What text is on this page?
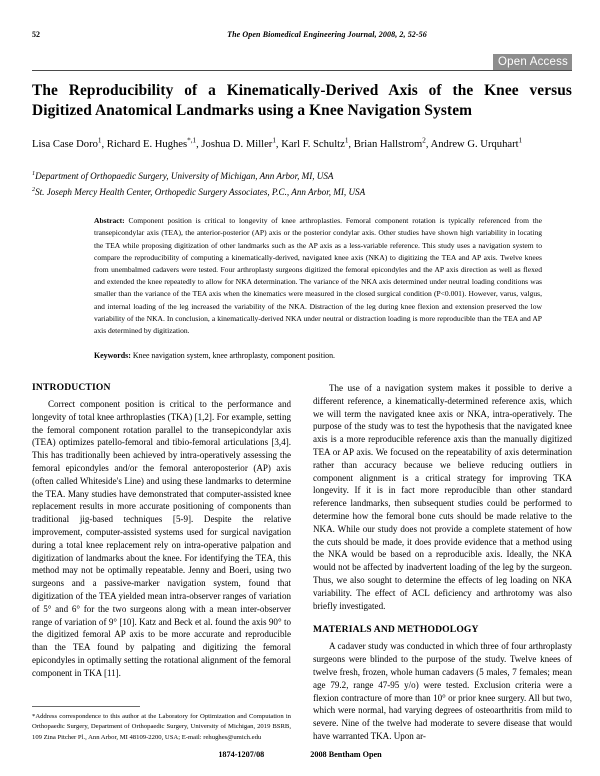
52	The Open Biomedical Engineering Journal, 2008, 2, 52-56
Open Access
The Reproducibility of a Kinematically-Derived Axis of the Knee versus Digitized Anatomical Landmarks using a Knee Navigation System
Lisa Case Doro$^1$, Richard E. Hughes$^{*,1}$, Joshua D. Miller$^1$, Karl F. Schultz$^1$, Brian Hallstrom$^2$, Andrew G. Urquhart$^1$
$^1$Department of Orthopaedic Surgery, University of Michigan, Ann Arbor, MI, USA
$^2$St. Joseph Mercy Health Center, Orthopedic Surgery Associates, P.C., Ann Arbor, MI, USA

Abstract: Component position is critical to longevity of knee arthroplasties. Femoral component rotation is typically referenced from the transepicondylar axis (TEA), the anterior-posterior (AP) axis or the posterior condylar axis. Other studies have shown high variability in locating the TEA while proposing digitization of other landmarks such as the AP axis as a less-variable reference. This study uses a navigation system to compare the reproducibility of computing a kinematically-derived, navigated knee axis (NKA) to digitizing the TEA and AP axis. Twelve knees from unembalmed cadavers were tested. Four arthroplasty surgeons digitized the femoral epicondyles and the AP axis direction as well as flexed and extended the knee repeatedly to allow for NKA determination. The variance of the NKA axis determined under neutral loading conditions was smaller than the variance of the TEA axis when the kinematics were measured in the closed surgical condition (P<0.001). However, varus, valgus, and internal loading of the leg increased the variability of the NKA. Distraction of the leg during knee flexion and extension preserved the low variability of the NKA. In conclusion, a kinematically-derived NKA under neutral or distraction loading is more reproducible than the TEA and AP axis determined by digitization.

Keywords: Knee navigation system, knee arthroplasty, component position.

INTRODUCTION

Correct component position is critical to the performance and longevity of total knee arthroplasties (TKA) [1,2]. For example, setting the femoral component rotation parallel to the transepicondylar axis (TEA) optimizes patello-femoral and tibio-femoral articulations [3,4]. This has traditionally been achieved by intra-operatively assessing the femoral epicondyles and/or the femoral anteroposterior (AP) axis (often called Whiteside's Line) and using these landmarks to determine the TEA. Many studies have demonstrated that computer-assisted knee replacement results in more accurate positioning of components than traditional jig-based techniques [5-9]. Despite the relative improvement, computer-assisted systems used for surgical navigation during a total knee replacement rely on intra-operative palpation and digitization of landmarks about the knee. For identifying the TEA, this method may not be optimally repeatable. Jenny and Boeri, using two surgeons and a passive-marker navigation system, found that digitization of the TEA yielded mean intra-observer ranges of variation of 5° and 6° for the two surgeons along with a mean inter-observer range of variation of 9° [10]. Katz and Beck et al. found the axis 90° to the digitized femoral AP axis to be more accurate and reproducible than the TEA found by palpating and digitizing the femoral epicondyles in optimally setting the rotational alignment of the femoral component in TKA [11].

*Address correspondence to this author at the Laboratory for Optimization and Computation in Orthopaedic Surgery, Department of Orthopaedic Surgery, University of Michigan, 2019 BSRB, 109 Zina Pitcher Pl., Ann Arbor, MI 48109-2200, USA; E-mail: rehughes@umich.edu

The use of a navigation system makes it possible to derive a different reference, a kinematically-determined reference axis, which we will term the navigated knee axis or NKA, intra-operatively. The purpose of the study was to test the hypothesis that the navigated knee axis is a more reproducible reference axis than the manually digitized TEA or AP axis. We focused on the repeatability of axis determination rather than accuracy because we believe reducing outliers in component alignment is a critical strategy for improving TKA longevity. If it is in fact more reproducible than other standard reference landmarks, then subsequent studies could be performed to determine how the femoral bone cuts should be made relative to the NKA. While our study does not provide a complete statement of how the cuts should be made, it does provide evidence that a method using the NKA would be based on a reproducible axis. Ideally, the NKA would not be affected by inadvertent loading of the leg by the surgeon. Thus, we also sought to determine the effects of leg loading on NKA variability. The effect of ACL deficiency and arthrotomy was also briefly investigated.

MATERIALS AND METHODOLOGY

A cadaver study was conducted in which three of four arthroplasty surgeons were blinded to the purpose of the study. Twelve knees of twelve fresh, frozen, whole human cadavers (5 males, 7 females; mean age 79.2, range 47-95 y/o) were tested. Exclusion criteria were a flexion contracture of more than 10° or prior knee surgery. All but two, which were normal, had varying degrees of osteoarthritis from mild to severe. Nine of the twelve had moderate to severe disease that would have warranted TKA. Upon ar-

1874-1207/08	2008 Bentham Open
